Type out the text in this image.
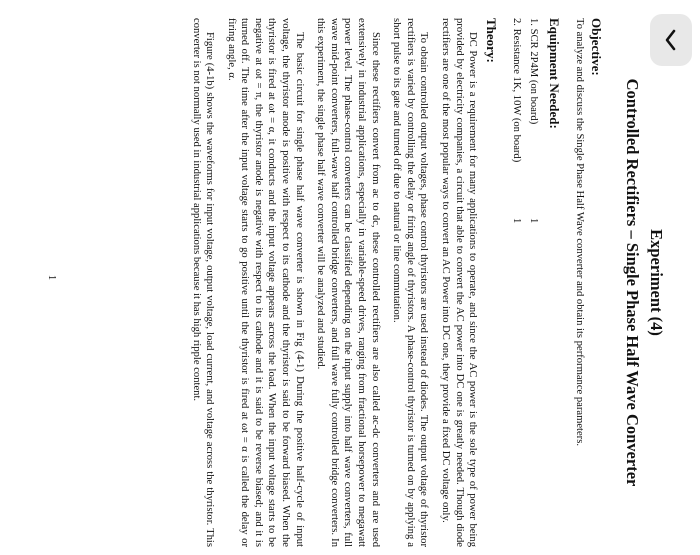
Experiment (4)
Controlled Rectifiers – Single Phase Half Wave Converter
Objective:

To analyze and discuss the Single Phase Half Wave converter and obtain its performance parameters.

Equipment Needed:
1. SCR 2P4M (on board)
1
2. Resistance 1K, 10W (on board)
1
Theory:

DC Power is a requirement for many applications to operate, and since the AC power is the sole type of power being provided by electricity companies, a circuit that able to convert the AC power into DC one is greatly needed. Though diode rectifiers are one of the most popular ways to convert an AC Power into DC one, they provide a fixed DC voltage only.

To obtain controlled output voltages, phase control thyristors are used instead of diodes. The output voltage of thyristor rectifiers is varied by controlling the delay or firing angle of thyristors. A phase-control thyristor is turned on by applying a short pulse to its gate and turned off due to natural or line commutation.

Since these rectifiers convert from ac to dc, these controlled rectifiers are also called ac-dc converters and are used extensively in industrial applications, especially in variable-speed drives, ranging from fractional horsepower to megawatt power level. The phase-control converters can be classified depending on the input supply into half wave converters, full wave mid-point converters, full-wave half controlled bridge converters, and full wave fully controlled bridge converters. In this experiment, the single phase half wave converter will be analyzed and studied.

The basic circuit for single phase half wave converter is shown in Fig (4-1) During the positive half-cycle of input voltage, the thyristor anode is positive with respect to its cathode and the thyristor is said to be forward biased. When the thyristor is fired at ωt = α, it conducts and the input voltage appears across the load. When the input voltage starts to be negative at ωt = π, the thyristor anode is negative with respect to its cathode and it is said to be reverse biased; and it is turned off. The time after the input voltage starts to go positive until the thyristor is fired at ωt = α is called the delay or firing angle, α.

Figure (4-1b) shows the waveforms for input voltage, output voltage, load current, and voltage across the thyristor. This converter is not normally used in industrial applications because it has high ripple content.

1
